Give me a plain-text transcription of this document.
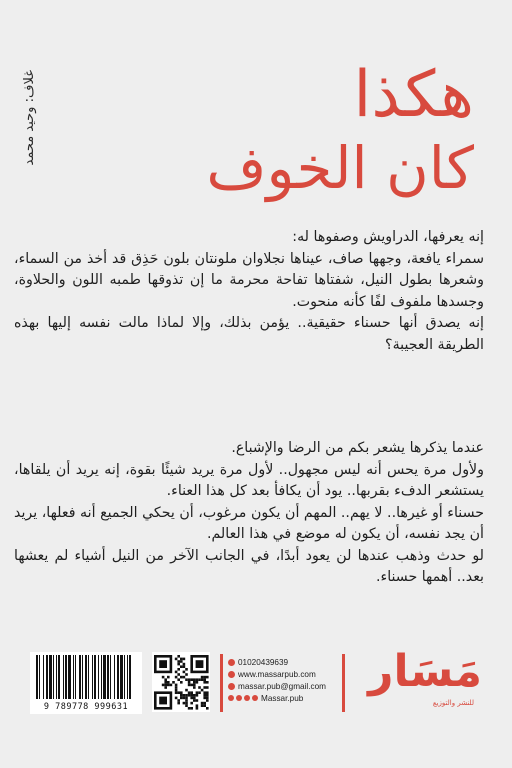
غلاف: وحيد محمد	هكذا
كان الخوف

إنه يعرفها، الدراويش وصفوها له:

سمراء يافعة، وجهها صاف، عيناها نجلاوان ملونتان بلون حَذِق قد أخذ من السماء، وشعرها بطول النيل، شفتاها تفاحة محرمة ما إن تذوقها طمبه اللون والحلاوة، وجسدها ملفوف لفًا كأنه منحوت.

إنه يصدق أنها حسناء حقيقية.. يؤمن بذلك، وإلا لماذا مالت نفسه إليها بهذه الطريقة العجيبة؟

عندما يذكرها يشعر بكم من الرضا والإشباع.

ولأول مرة يحس أنه ليس مجهول.. لأول مرة يريد شيئًا بقوة، إنه يريد أن يلقاها، يستشعر الدفء بقربها.. يود أن يكافأ بعد كل هذا العناء.

حسناء أو غيرها.. لا يهم.. المهم أن يكون مرغوب، أن يحكي الجميع أنه فعلها، يريد أن يجد نفسه، أن يكون له موضع في هذا العالم.

لو حدث وذهب عندها لن يعود أبدًا، في الجانب الآخر من النيل أشياء لم يعشها بعد.. أهمها حسناء.

9 789778 999631
01020439639
www.massarpub.com
massar.pub@gmail.com
Massar.pub
مَسَار
للنشر والتوزيع
